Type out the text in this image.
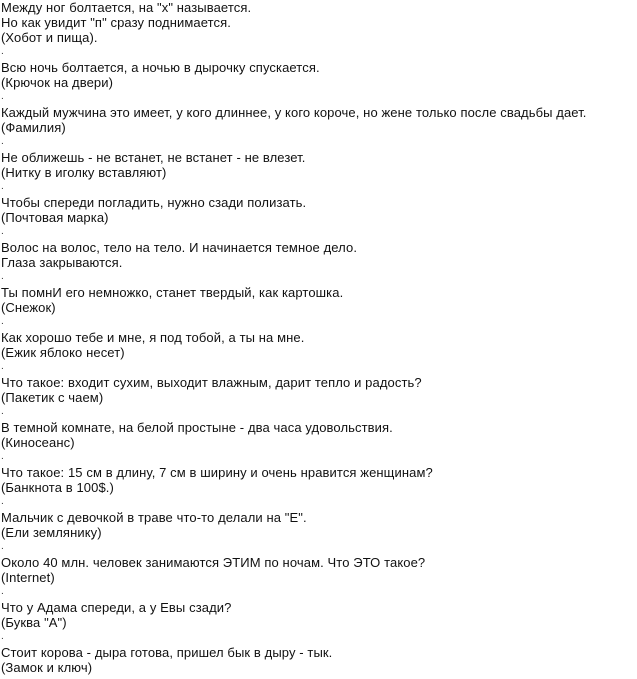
Между ног болтается, на "х" называется.
Но как увидит "п" сразу поднимается.
(Хобот и пища).
.
Всю ночь болтается, а ночью в дырочку спускается.
(Крючок на двери)
.
Каждый мужчина это имеет, у кого длиннее, у кого короче, но жене только после свадьбы дает.
(Фамилия)
.
Не оближешь - не встанет, не встанет - не влезет.
(Нитку в иголку вставляют)
.
Чтобы спереди погладить, нужно сзади полизать.
(Почтовая марка)
.
Волос на волос, тело на тело. И начинается темное дело.
Глаза закрываются.
.
Ты помнИ его немножко, станет твердый, как картошка.
(Снежок)
.
Как хорошо тебе и мне, я под тобой, а ты на мне.
(Ежик яблоко несет)
.
Что такое: входит сухим, выходит влажным, дарит тепло и радость?
(Пакетик с чаем)
.
В темной комнате, на белой простыне - два часа удовольствия.
(Киносеанс)
.
Что такое: 15 см в длину, 7 см в ширину и очень нравится женщинам?
(Банкнота в 100$.)
.
Мальчик с девочкой в траве что-то делали на "Е".
(Ели землянику)
.
Около 40 млн. человек занимаются ЭТИМ по ночам. Что ЭТО такое?
(Internet)
.
Что у Адама спереди, а у Евы сзади?
(Буква "А")
.
Стоит корова - дыра готова, пришел бык в дыру - тык.
(Замок и ключ)
